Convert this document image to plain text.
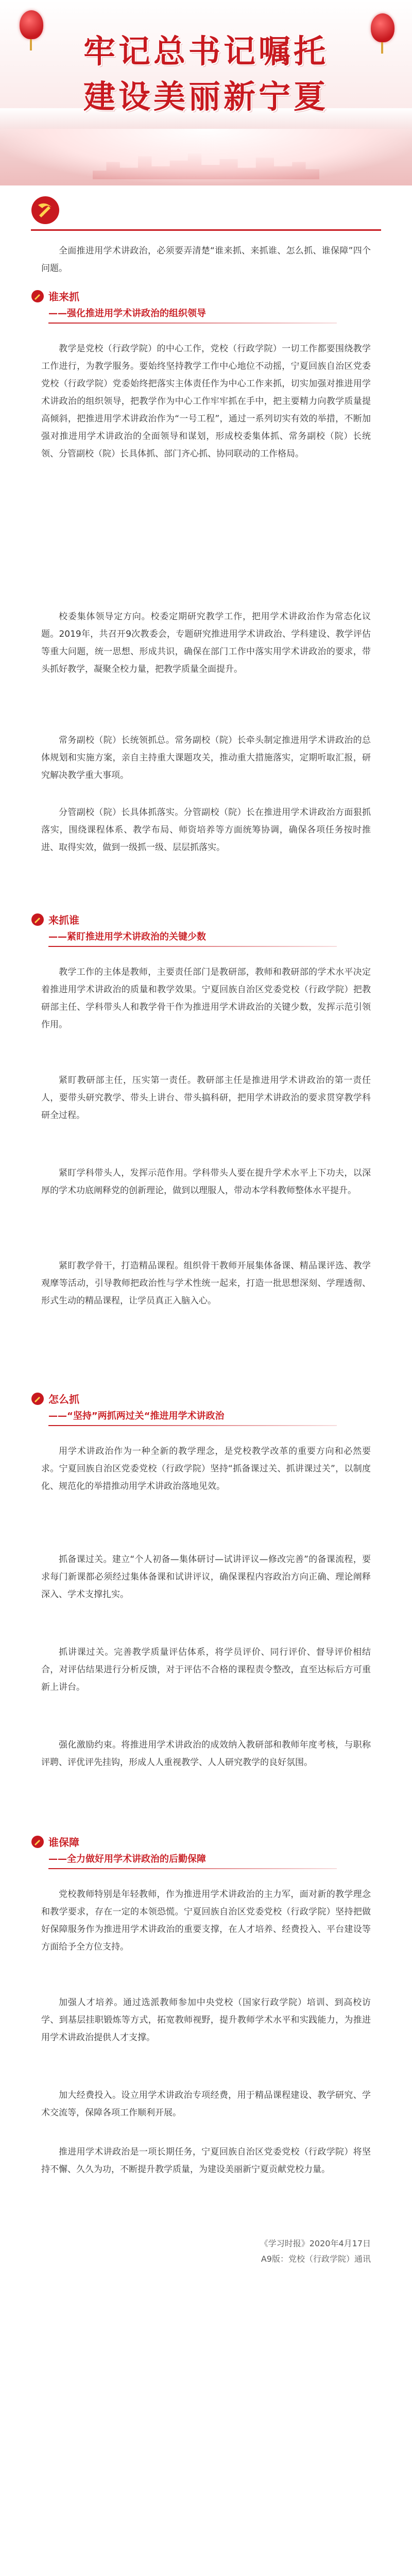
牢记总书记嘱托
建设美丽新宁夏

全面推进用学术讲政治，必须要弄清楚“谁来抓、来抓谁、怎么抓、谁保障”四个问题。

谁来抓
——强化推进用学术讲政治的组织领导

教学是党校（行政学院）的中心工作，党校（行政学院）一切工作都要围绕教学工作进行，为教学服务。要始终坚持教学工作中心地位不动摇，宁夏回族自治区党委党校（行政学院）党委始终把落实主体责任作为中心工作来抓，切实加强对推进用学术讲政治的组织领导，把教学作为中心工作牢牢抓在手中，把主要精力向教学质量提高倾斜，把推进用学术讲政治作为“一号工程”，通过一系列切实有效的举措，不断加强对推进用学术讲政治的全面领导和谋划，形成校委集体抓、常务副校（院）长统领、分管副校（院）长具体抓、部门齐心抓、协同联动的工作格局。

校委集体领导定方向。校委定期研究教学工作，把用学术讲政治作为常态化议题。2019年，共召开9次教委会，专题研究推进用学术讲政治、学科建设、教学评估等重大问题，统一思想、形成共识，确保在部门工作中落实用学术讲政治的要求，带头抓好教学，凝聚全校力量，把教学质量全面提升。

常务副校（院）长统领抓总。常务副校（院）长牵头制定推进用学术讲政治的总体规划和实施方案，亲自主持重大课题攻关，推动重大措施落实，定期听取汇报，研究解决教学重大事项。

分管副校（院）长具体抓落实。分管副校（院）长在推进用学术讲政治方面狠抓落实，围绕课程体系、教学布局、师资培养等方面统筹协调，确保各项任务按时推进、取得实效，做到一级抓一级、层层抓落实。

来抓谁
——紧盯推进用学术讲政治的关键少数

教学工作的主体是教师，主要责任部门是教研部，教师和教研部的学术水平决定着推进用学术讲政治的质量和教学效果。宁夏回族自治区党委党校（行政学院）把教研部主任、学科带头人和教学骨干作为推进用学术讲政治的关键少数，发挥示范引领作用。

紧盯教研部主任，压实第一责任。教研部主任是推进用学术讲政治的第一责任人，要带头研究教学、带头上讲台、带头搞科研，把用学术讲政治的要求贯穿教学科研全过程。

紧盯学科带头人，发挥示范作用。学科带头人要在提升学术水平上下功夫，以深厚的学术功底阐释党的创新理论，做到以理服人，带动本学科教师整体水平提升。

紧盯教学骨干，打造精品课程。组织骨干教师开展集体备课、精品课评选、教学观摩等活动，引导教师把政治性与学术性统一起来，打造一批思想深刻、学理透彻、形式生动的精品课程，让学员真正入脑入心。

怎么抓
——“坚持”两抓两过关“推进用学术讲政治

用学术讲政治作为一种全新的教学理念，是党校教学改革的重要方向和必然要求。宁夏回族自治区党委党校（行政学院）坚持“抓备课过关、抓讲课过关”，以制度化、规范化的举措推动用学术讲政治落地见效。

抓备课过关。建立“个人初备—集体研讨—试讲评议—修改完善”的备课流程，要求每门新课都必须经过集体备课和试讲评议，确保课程内容政治方向正确、理论阐释深入、学术支撑扎实。

抓讲课过关。完善教学质量评估体系，将学员评价、同行评价、督导评价相结合，对评估结果进行分析反馈，对于评估不合格的课程责令整改，直至达标后方可重新上讲台。

强化激励约束。将推进用学术讲政治的成效纳入教研部和教师年度考核，与职称评聘、评优评先挂钩，形成人人重视教学、人人研究教学的良好氛围。

谁保障
——全力做好用学术讲政治的后勤保障

党校教师特别是年轻教师，作为推进用学术讲政治的主力军，面对新的教学理念和教学要求，存在一定的本领恐慌。宁夏回族自治区党委党校（行政学院）坚持把做好保障服务作为推进用学术讲政治的重要支撑，在人才培养、经费投入、平台建设等方面给予全方位支持。

加强人才培养。通过选派教师参加中央党校（国家行政学院）培训、到高校访学、到基层挂职锻炼等方式，拓宽教师视野，提升教师学术水平和实践能力，为推进用学术讲政治提供人才支撑。

加大经费投入。设立用学术讲政治专项经费，用于精品课程建设、教学研究、学术交流等，保障各项工作顺利开展。

推进用学术讲政治是一项长期任务，宁夏回族自治区党委党校（行政学院）将坚持不懈、久久为功，不断提升教学质量，为建设美丽新宁夏贡献党校力量。

《学习时报》2020年4月17日
A9版：党校（行政学院）通讯
